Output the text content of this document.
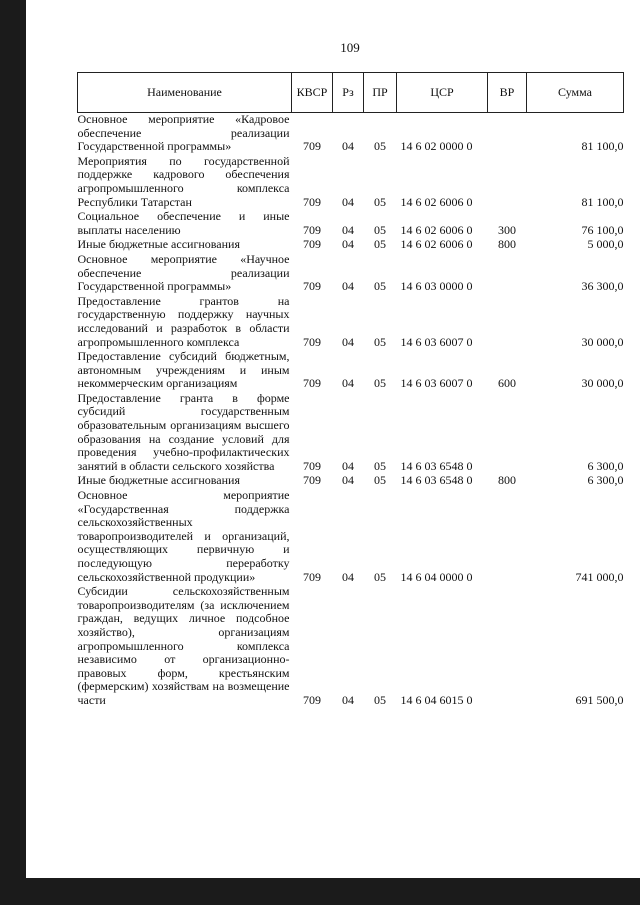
109
Наименование	КВСР	Рз	ПР	ЦСР	ВР	Сумма
Основное мероприятие «Кадровое обеспечение реализации Государственной программы»	709	04	05	14 6 02 0000 0		81 100,0
Мероприятия по государственной поддержке кадрового обеспечения агропромышленного комплекса Республики Татарстан	709	04	05	14 6 02 6006 0		81 100,0
Социальное обеспечение и иные выплаты населению	709	04	05	14 6 02 6006 0	300	76 100,0
Иные бюджетные ассигнования	709	04	05	14 6 02 6006 0	800	5 000,0
Основное мероприятие «Научное обеспечение реализации Государственной программы»	709	04	05	14 6 03 0000 0		36 300,0
Предоставление грантов на государственную поддержку научных исследований и разработок в области агропромышленного комплекса	709	04	05	14 6 03 6007 0		30 000,0
Предоставление субсидий бюджетным, автономным учреждениям и иным некоммерческим организациям	709	04	05	14 6 03 6007 0	600	30 000,0
Предоставление гранта в форме субсидий государственным образовательным организациям высшего образования на создание условий для проведения учебно-профилактических занятий в области сельского хозяйства	709	04	05	14 6 03 6548 0		6 300,0
Иные бюджетные ассигнования	709	04	05	14 6 03 6548 0	800	6 300,0
Основное мероприятие «Государственная поддержка сельскохозяйственных товаропроизводителей и организаций, осуществляющих первичную и последующую переработку сельскохозяйственной продукции»	709	04	05	14 6 04 0000 0		741 000,0
Субсидии сельскохозяйственным товаропроизводителям (за исключением граждан, ведущих личное подсобное хозяйство), организациям агропромышленного комплекса независимо от организационно-правовых форм, крестьянским (фермерским) хозяйствам на возмещение части	709	04	05	14 6 04 6015 0		691 500,0
